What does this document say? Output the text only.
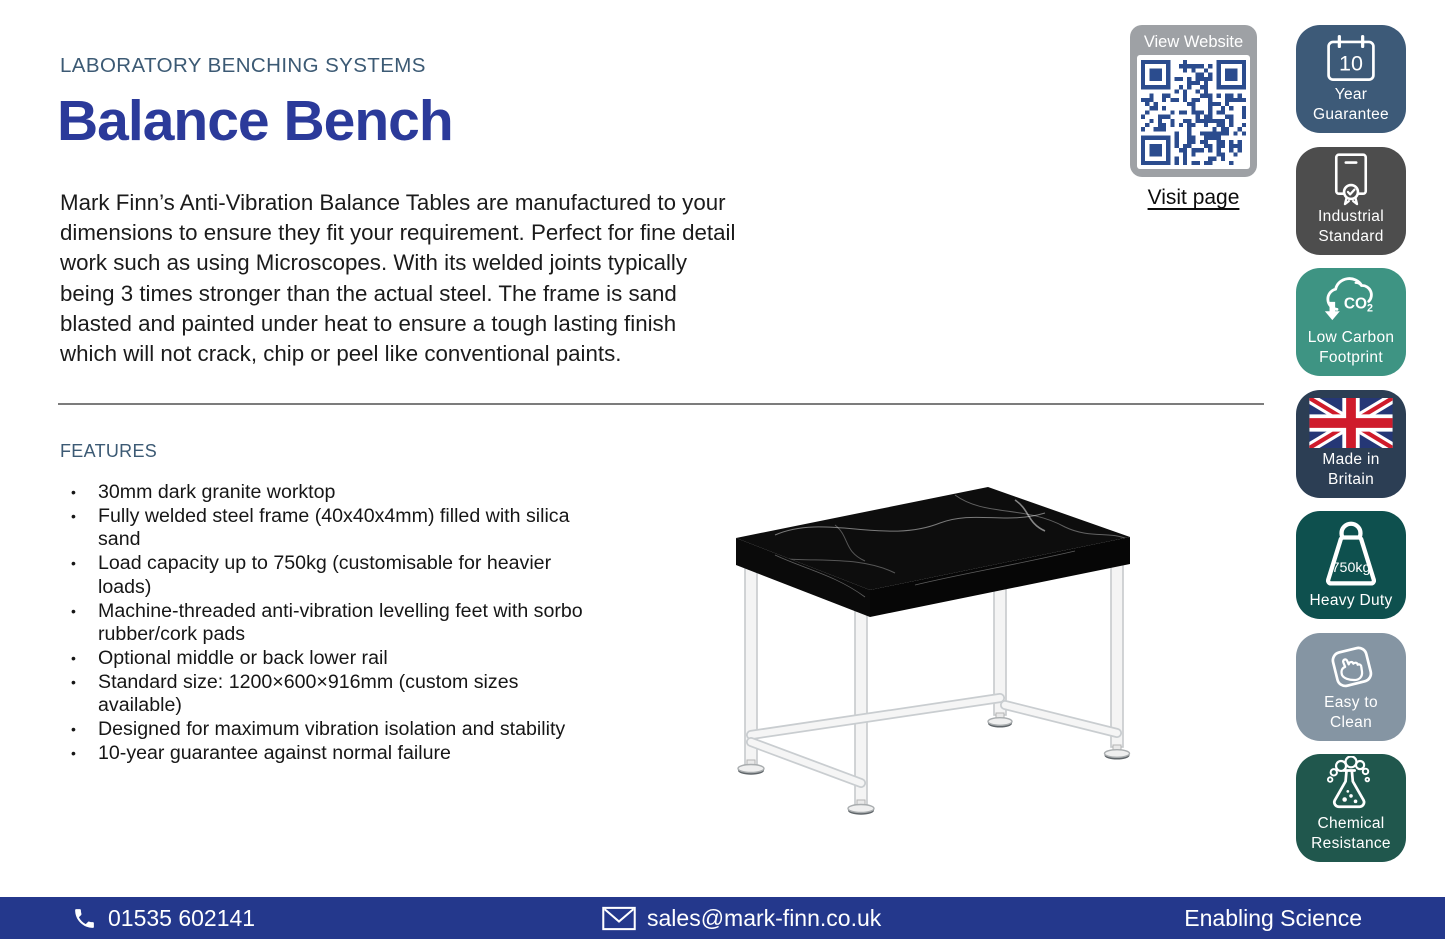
LABORATORY BENCHING SYSTEMS
Balance Bench

Mark Finn’s Anti-Vibration Balance Tables are manufactured to your dimensions to ensure they fit your requirement. Perfect for fine detail work such as using Microscopes. With its welded joints typically being 3 times stronger than the actual steel. The frame is sand blasted and painted under heat to ensure a tough lasting finish which will not crack, chip or peel like conventional paints.

View Website
Visit page
10
Year
Guarantee
Industrial
Standard
$CO_2$
Low Carbon
Footprint
Made in
Britain
750kg
Heavy Duty
Easy to
Clean
Chemical
Resistance
FEATURES
•	30mm dark granite worktop
•	Fully welded steel frame (40x40x4mm) filled with silica sand
•	Load capacity up to 750kg (customisable for heavier loads)
•	Machine-threaded anti-vibration levelling feet with sorbo rubber/cork pads
•	Optional middle or back lower rail
•	Standard size: 1200×600×916mm (custom sizes available)
•	Designed for maximum vibration isolation and stability
•	10-year guarantee against normal failure
01535 602141	sales@mark-finn.co.uk	Enabling Science
